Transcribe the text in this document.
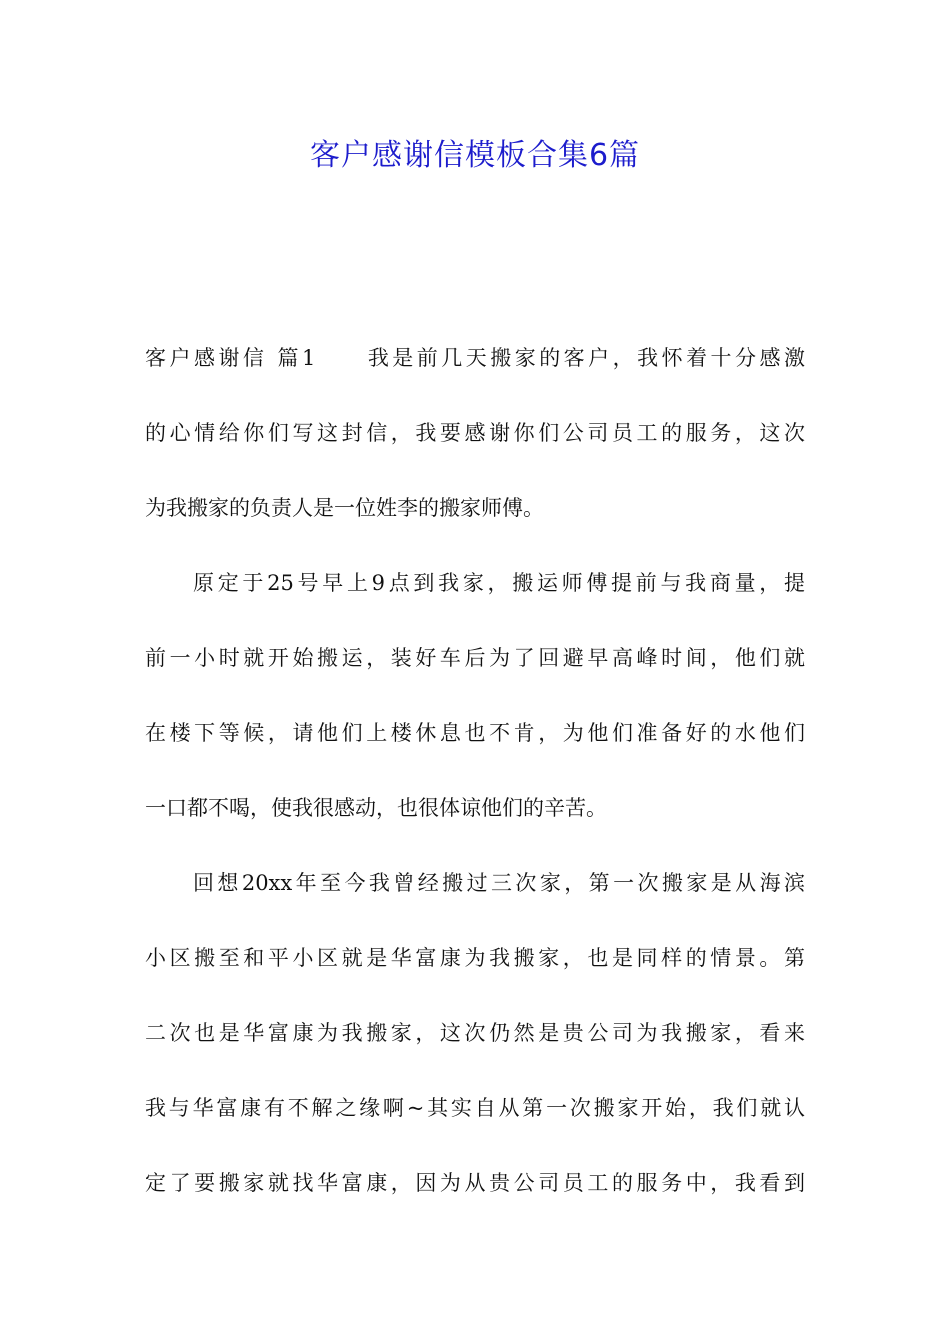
客户感谢信模板合集6篇
客户感谢信 篇1　　我是前几天搬家的客户，我怀着十分感激
的心情给你们写这封信，我要感谢你们公司员工的服务，这次
为我搬家的负责人是一位姓李的搬家师傅。
原定于25号早上9点到我家，搬运师傅提前与我商量，提
前一小时就开始搬运，装好车后为了回避早高峰时间，他们就
在楼下等候，请他们上楼休息也不肯，为他们准备好的水他们
一口都不喝，使我很感动，也很体谅他们的辛苦。
回想20xx年至今我曾经搬过三次家，第一次搬家是从海滨
小区搬至和平小区就是华富康为我搬家，也是同样的情景。第
二次也是华富康为我搬家，这次仍然是贵公司为我搬家，看来
我与华富康有不解之缘啊~其实自从第一次搬家开始，我们就认
定了要搬家就找华富康，因为从贵公司员工的服务中，我看到
